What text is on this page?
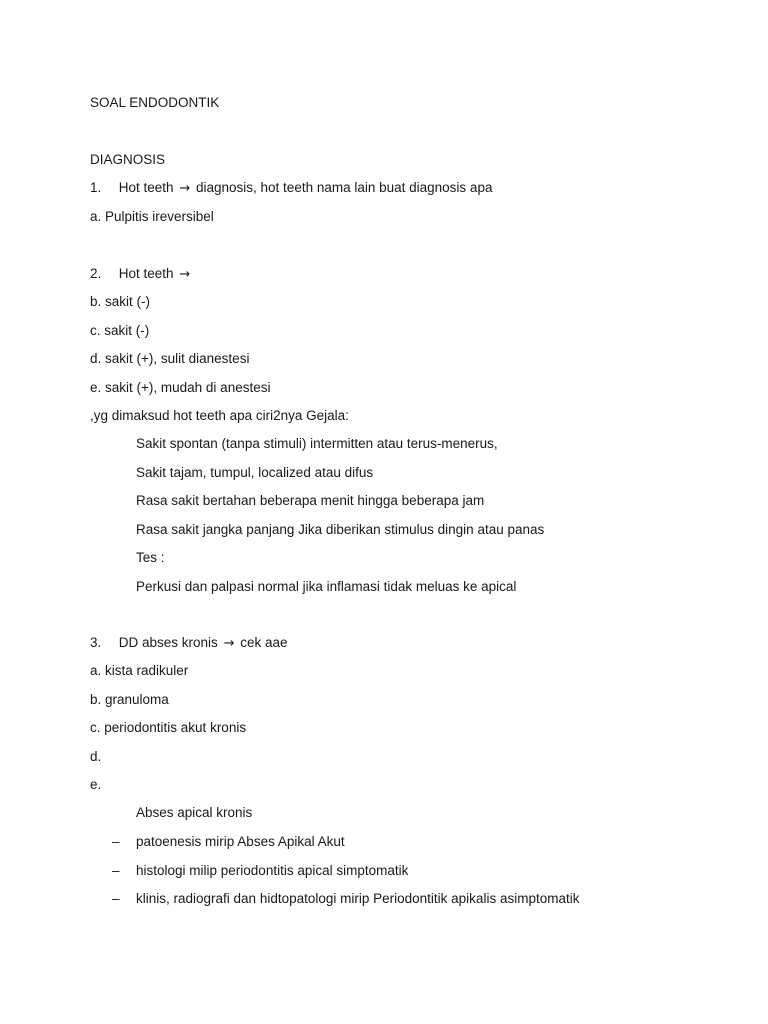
SOAL ENDODONTIK
DIAGNOSIS
1. Hot teeth → diagnosis, hot teeth nama lain buat diagnosis apa
a. Pulpitis ireversibel
2. Hot teeth →
b. sakit (-)
c. sakit (-)
d. sakit (+), sulit dianestesi
e. sakit (+), mudah di anestesi
,yg dimaksud hot teeth apa ciri2nya Gejala:
Sakit spontan (tanpa stimuli) intermitten atau terus-menerus,
Sakit tajam, tumpul, localized atau difus
Rasa sakit bertahan beberapa menit hingga beberapa jam
Rasa sakit jangka panjang Jika diberikan stimulus dingin atau panas
Tes :
Perkusi dan palpasi normal jika inflamasi tidak meluas ke apical
3. DD abses kronis → cek aae
a. kista radikuler
b. granuloma
c. periodontitis akut kronis
d.
e.
Abses apical kronis
– patoenesis mirip Abses Apikal Akut
– histologi milip periodontitis apical simptomatik
– klinis, radiografi dan hidtopatologi mirip Periodontitik apikalis asimptomatik
